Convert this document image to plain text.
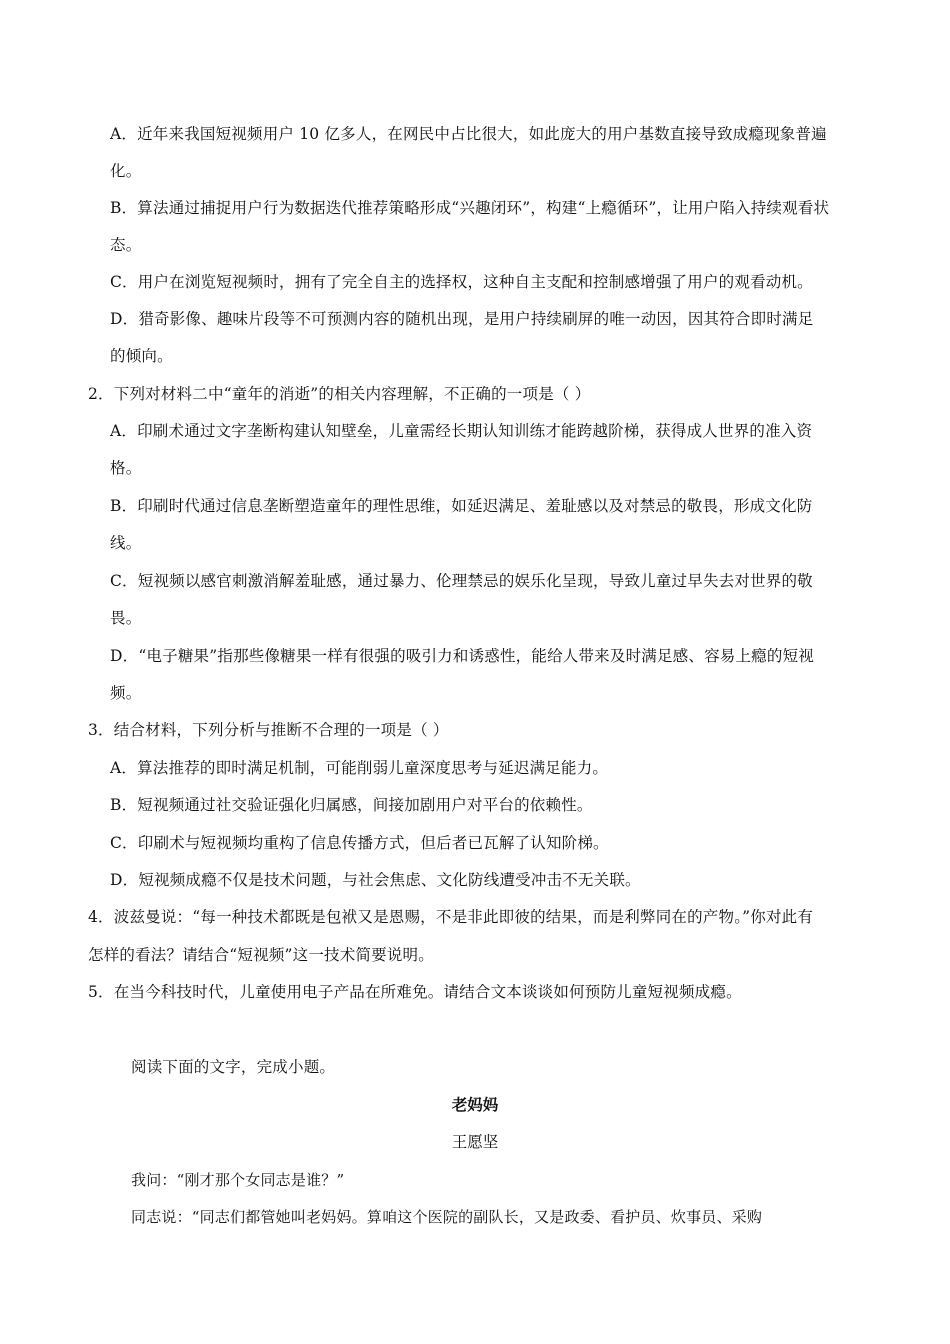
A．近年来我国短视频用户 10 亿多人，在网民中占比很大，如此庞大的用户基数直接导致成瘾现象普遍
化。
B．算法通过捕捉用户行为数据迭代推荐策略形成“兴趣闭环”，构建“上瘾循环”，让用户陷入持续观看状
态。
C．用户在浏览短视频时，拥有了完全自主的选择权，这种自主支配和控制感增强了用户的观看动机。
D．猎奇影像、趣味片段等不可预测内容的随机出现，是用户持续刷屏的唯一动因，因其符合即时满足
的倾向。
2．下列对材料二中“童年的消逝”的相关内容理解，不正确的一项是（ ）
A．印刷术通过文字垄断构建认知壁垒，儿童需经长期认知训练才能跨越阶梯，获得成人世界的准入资
格。
B．印刷时代通过信息垄断塑造童年的理性思维，如延迟满足、羞耻感以及对禁忌的敬畏，形成文化防
线。
C．短视频以感官刺激消解羞耻感，通过暴力、伦理禁忌的娱乐化呈现，导致儿童过早失去对世界的敬
畏。
D．“电子糖果”指那些像糖果一样有很强的吸引力和诱惑性，能给人带来及时满足感、容易上瘾的短视
频。
3．结合材料，下列分析与推断不合理的一项是（ ）
A．算法推荐的即时满足机制，可能削弱儿童深度思考与延迟满足能力。
B．短视频通过社交验证强化归属感，间接加剧用户对平台的依赖性。
C．印刷术与短视频均重构了信息传播方式，但后者已瓦解了认知阶梯。
D．短视频成瘾不仅是技术问题，与社会焦虑、文化防线遭受冲击不无关联。
4．波兹曼说：“每一种技术都既是包袱又是恩赐，不是非此即彼的结果，而是利弊同在的产物。”你对此有
怎样的看法？请结合“短视频”这一技术简要说明。
5．在当今科技时代，儿童使用电子产品在所难免。请结合文本谈谈如何预防儿童短视频成瘾。
阅读下面的文字，完成小题。
老妈妈
王愿坚
我问：“刚才那个女同志是谁？”
同志说：“同志们都管她叫老妈妈。算咱这个医院的副队长，又是政委、看护员、炊事员、采购
